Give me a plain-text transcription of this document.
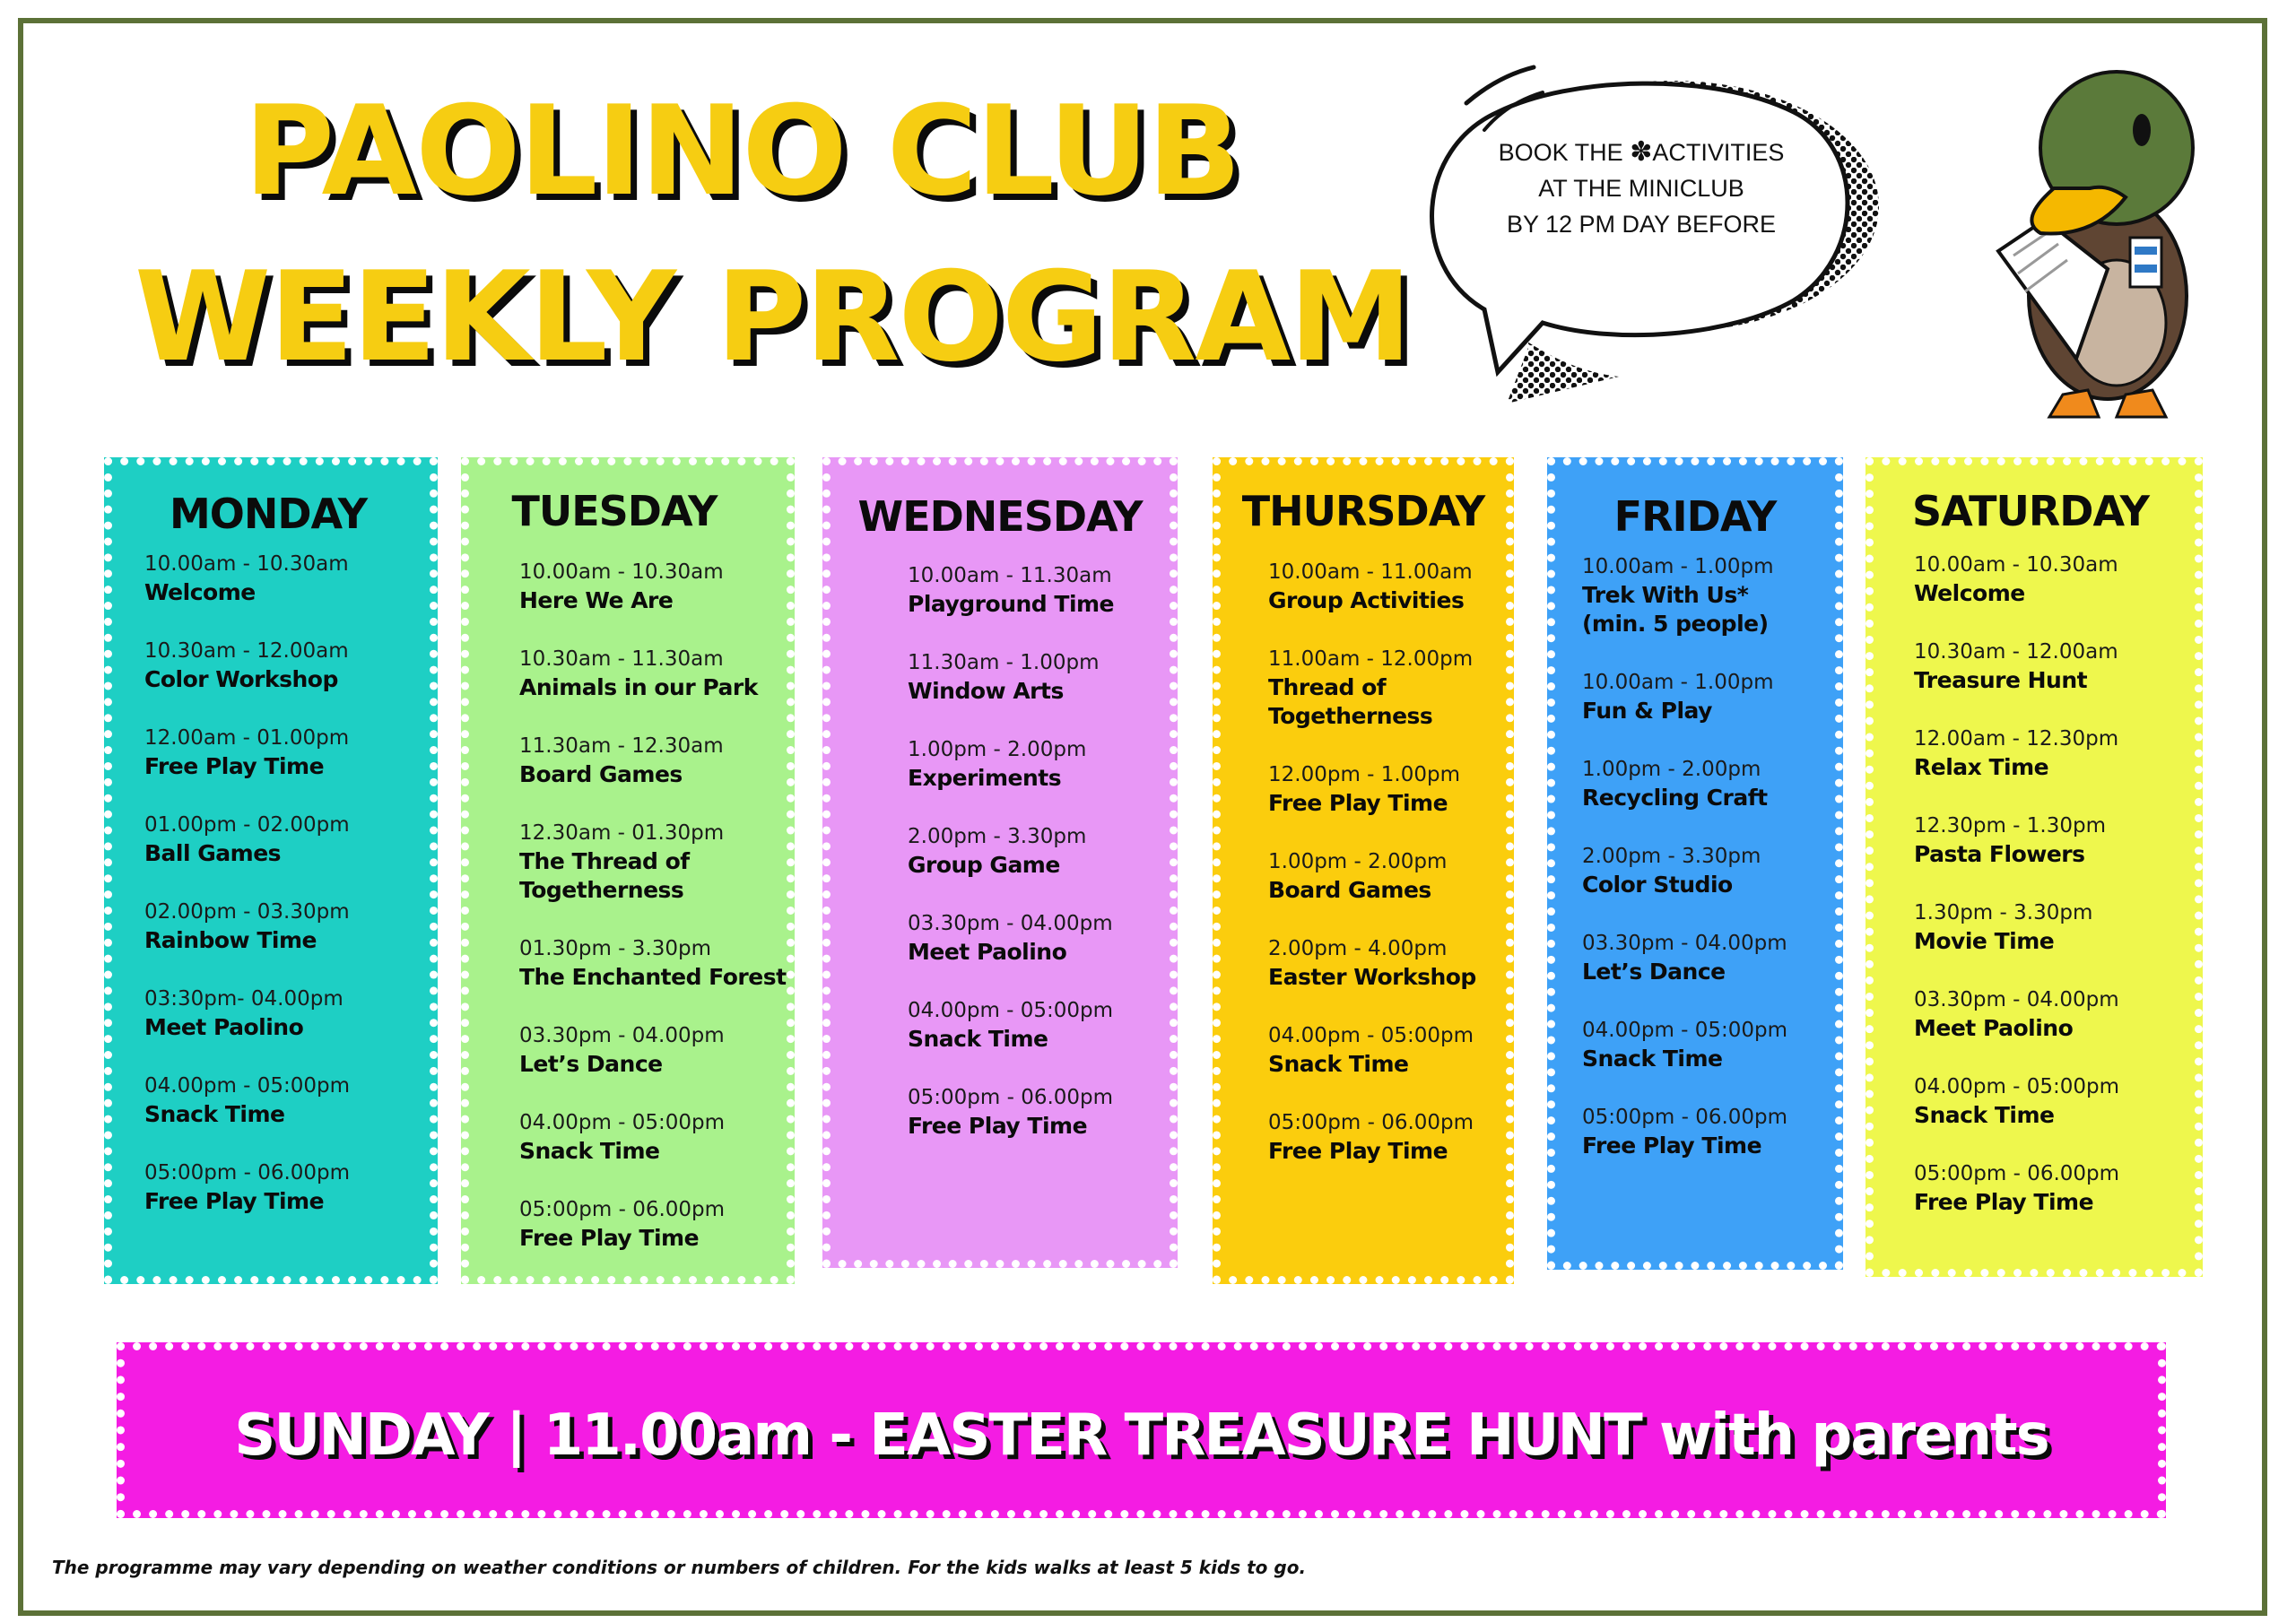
PAOLINO CLUB
WEEKLY PROGRAM
BOOK THE ✽ACTIVITIES
AT THE MINICLUB
BY 12 PM DAY BEFORE
MONDAY
10.00am - 10.30am
Welcome
10.30am - 12.00am
Color Workshop
12.00am - 01.00pm
Free Play Time
01.00pm - 02.00pm
Ball Games
02.00pm - 03.30pm
Rainbow Time
03:30pm- 04.00pm
Meet Paolino
04.00pm - 05:00pm
Snack Time
05:00pm - 06.00pm
Free Play Time
TUESDAY
10.00am - 10.30am
Here We Are
10.30am - 11.30am
Animals in our Park
11.30am - 12.30am
Board Games
12.30am - 01.30pm
The Thread of
Togetherness
01.30pm - 3.30pm
The Enchanted Forest
03.30pm - 04.00pm
Let’s Dance
04.00pm - 05:00pm
Snack Time
05:00pm - 06.00pm
Free Play Time
WEDNESDAY
10.00am - 11.30am
Playground Time
11.30am - 1.00pm
Window Arts
1.00pm - 2.00pm
Experiments
2.00pm - 3.30pm
Group Game
03.30pm - 04.00pm
Meet Paolino
04.00pm - 05:00pm
Snack Time
05:00pm - 06.00pm
Free Play Time
THURSDAY
10.00am - 11.00am
Group Activities
11.00am - 12.00pm
Thread of
Togetherness
12.00pm - 1.00pm
Free Play Time
1.00pm - 2.00pm
Board Games
2.00pm - 4.00pm
Easter Workshop
04.00pm - 05:00pm
Snack Time
05:00pm - 06.00pm
Free Play Time
FRIDAY
10.00am - 1.00pm
Trek With Us*
(min. 5 people)
10.00am - 1.00pm
Fun & Play
1.00pm - 2.00pm
Recycling Craft
2.00pm - 3.30pm
Color Studio
03.30pm - 04.00pm
Let’s Dance
04.00pm - 05:00pm
Snack Time
05:00pm - 06.00pm
Free Play Time
SATURDAY
10.00am - 10.30am
Welcome
10.30am - 12.00am
Treasure Hunt
12.00am - 12.30pm
Relax Time
12.30pm - 1.30pm
Pasta Flowers
1.30pm - 3.30pm
Movie Time
03.30pm - 04.00pm
Meet Paolino
04.00pm - 05:00pm
Snack Time
05:00pm - 06.00pm
Free Play Time
SUNDAY | 11.00am - EASTER TREASURE HUNT with parents
The programme may vary depending on weather conditions or numbers of children. For the kids walks at least 5 kids to go.
